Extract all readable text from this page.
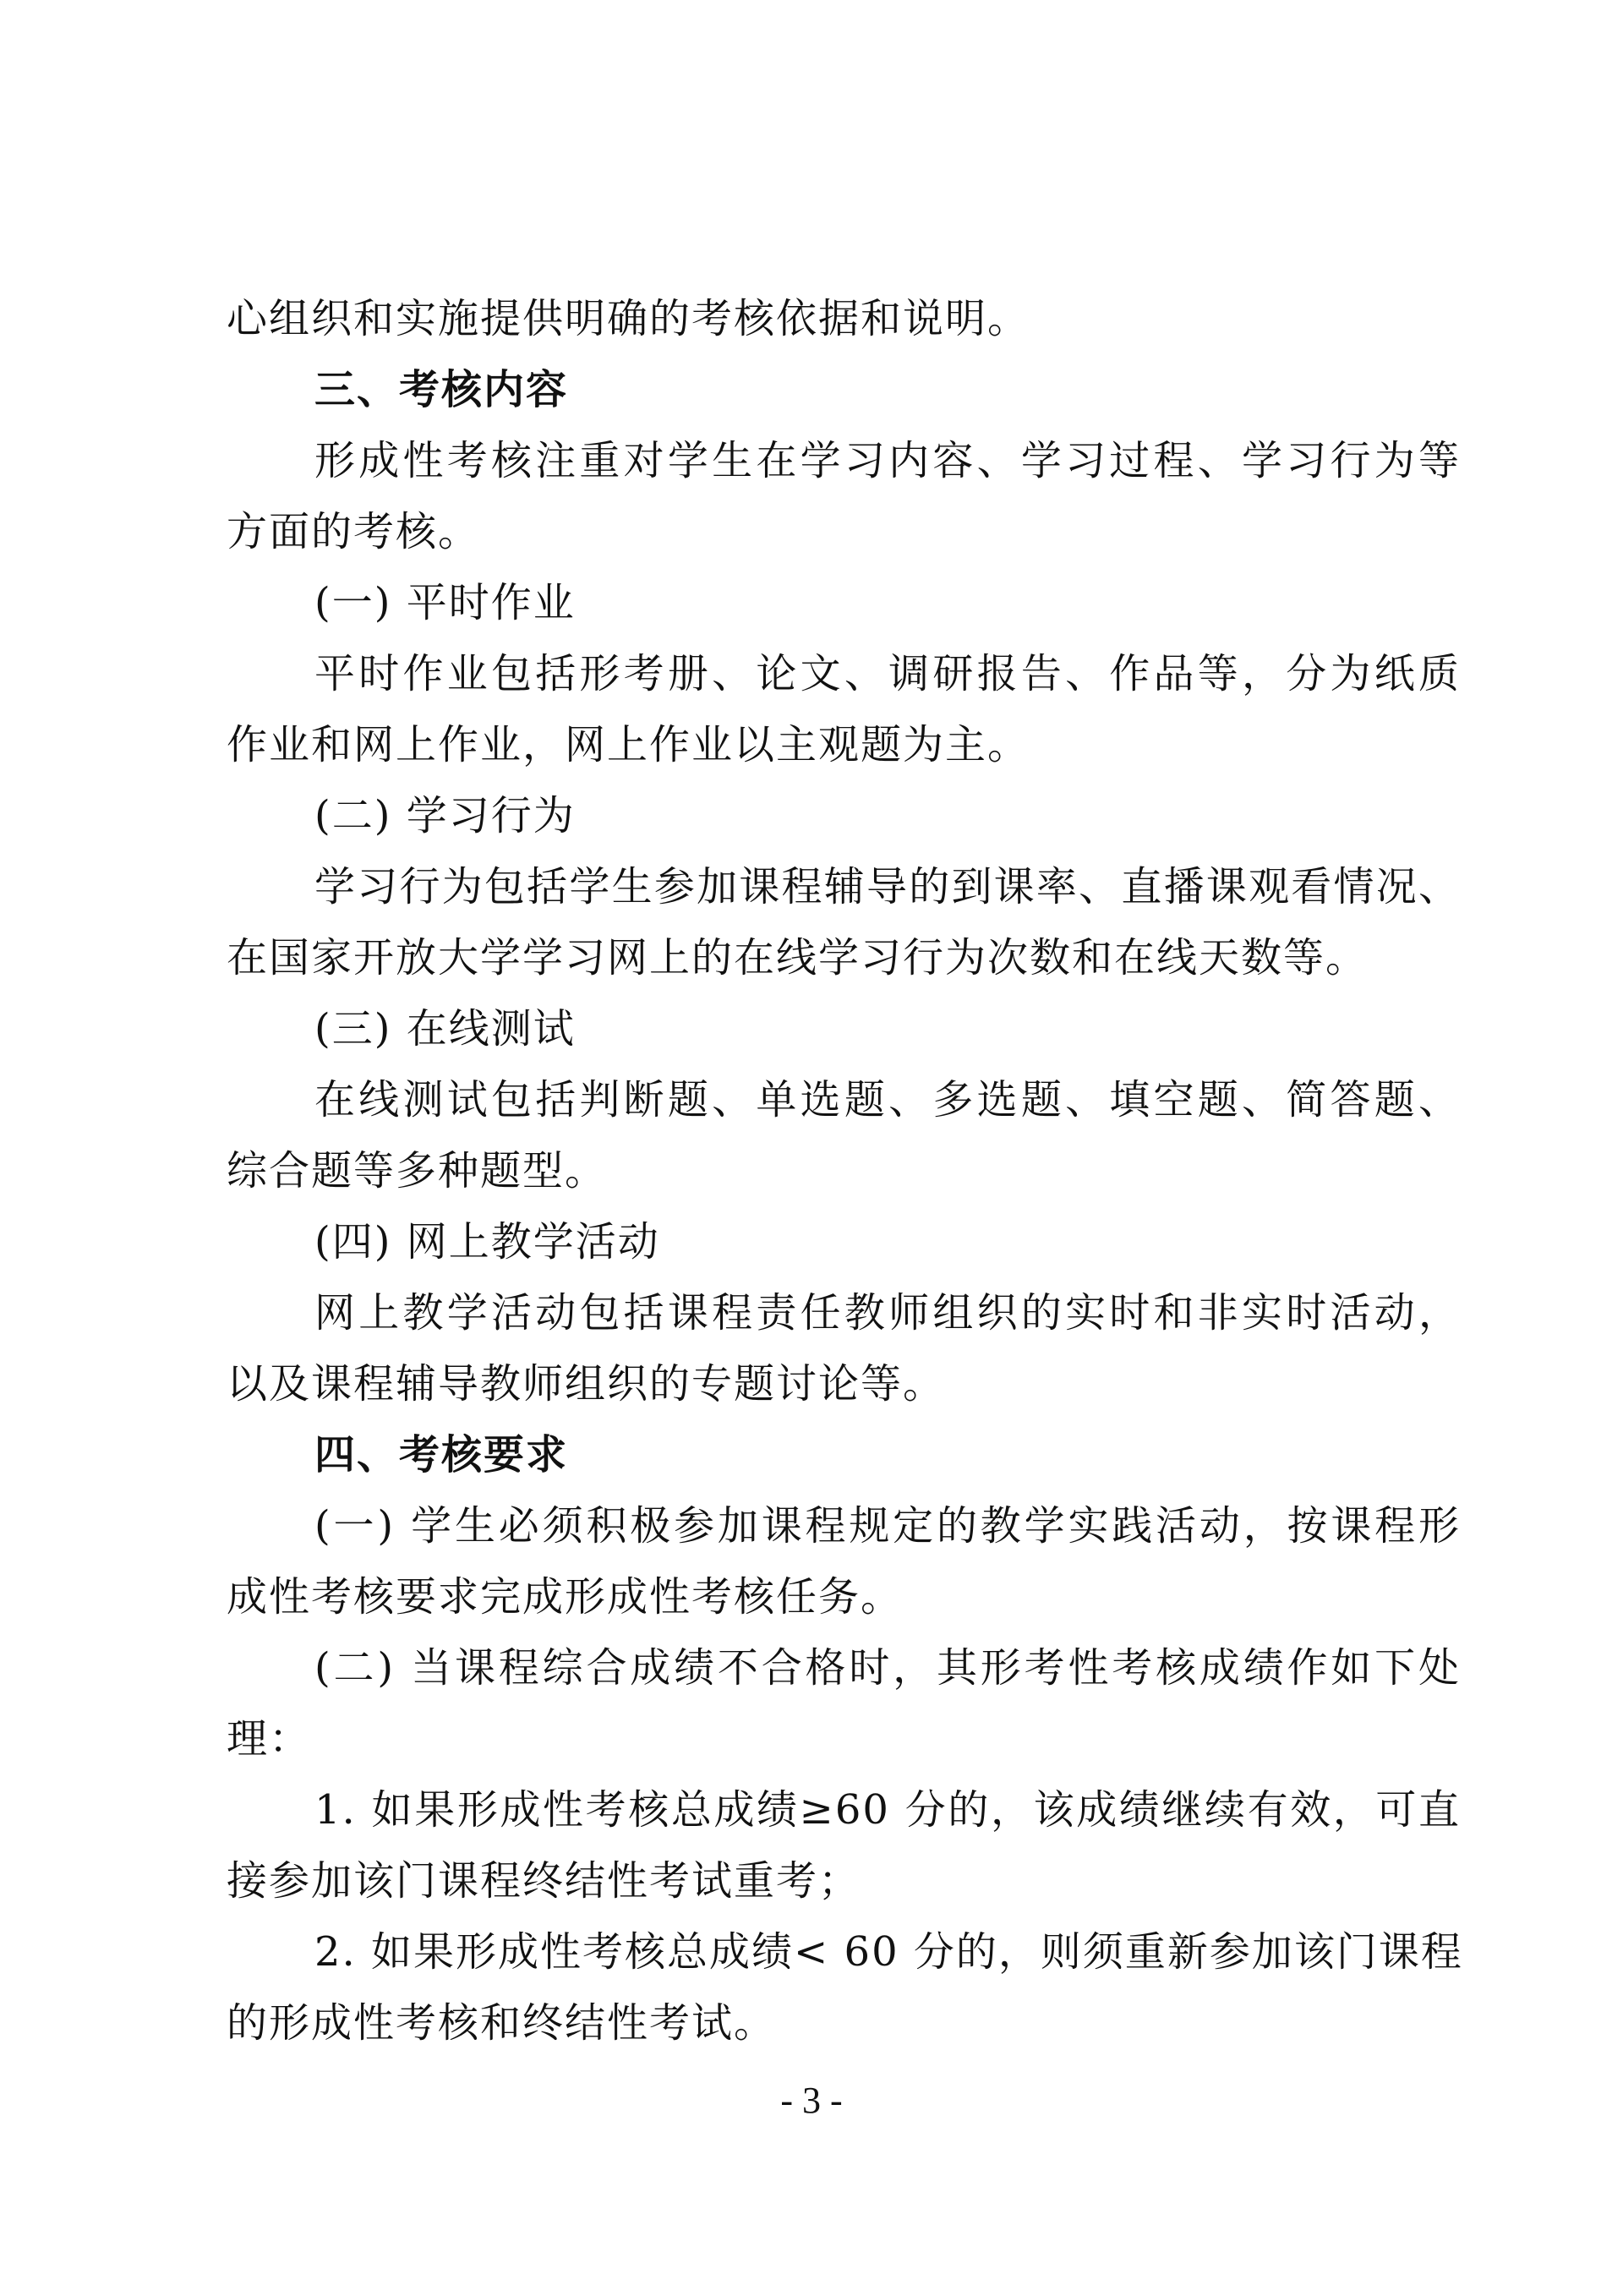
心组织和实施提供明确的考核依据和说明。
三、考核内容
形成性考核注重对学生在学习内容、学习过程、学习行为等
方面的考核。
(一) 平时作业
平时作业包括形考册、论文、调研报告、作品等，分为纸质
作业和网上作业，网上作业以主观题为主。
(二) 学习行为
学习行为包括学生参加课程辅导的到课率、直播课观看情况、
在国家开放大学学习网上的在线学习行为次数和在线天数等。
(三) 在线测试
在线测试包括判断题、单选题、多选题、填空题、简答题、
综合题等多种题型。
(四) 网上教学活动
网上教学活动包括课程责任教师组织的实时和非实时活动，
以及课程辅导教师组织的专题讨论等。
四、考核要求
(一) 学生必须积极参加课程规定的教学实践活动，按课程形
成性考核要求完成形成性考核任务。
(二) 当课程综合成绩不合格时，其形考性考核成绩作如下处
理：
1. 如果形成性考核总成绩≥60 分的，该成绩继续有效，可直
接参加该门课程终结性考试重考；
2. 如果形成性考核总成绩< 60 分的，则须重新参加该门课程
的形成性考核和终结性考试。
- 3 -
